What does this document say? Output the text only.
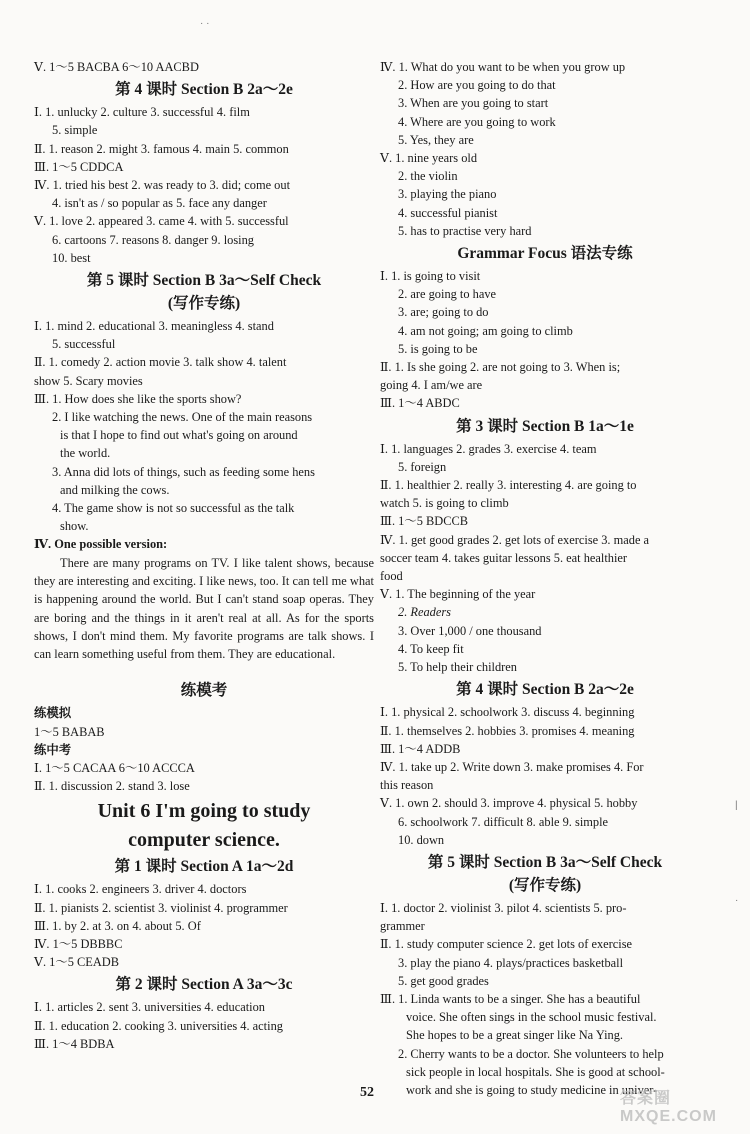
Ⅴ. 1～5 BACBA 6～10 AACBD
第 4 课时 Section B 2a～2e
Ⅰ. 1. unlucky 2. culture 3. successful 4. film
5. simple
Ⅱ. 1. reason 2. might 3. famous 4. main 5. common
Ⅲ. 1～5 CDDCA
Ⅳ. 1. tried his best 2. was ready to 3. did; come out
4. isn't as / so popular as 5. face any danger
Ⅴ. 1. love 2. appeared 3. came 4. with 5. successful
6. cartoons 7. reasons 8. danger 9. losing
10. best
第 5 课时 Section B 3a～Self Check
(写作专练)
Ⅰ. 1. mind 2. educational 3. meaningless 4. stand
5. successful
Ⅱ. 1. comedy 2. action movie 3. talk show 4. talent
show 5. Scary movies
Ⅲ. 1. How does she like the sports show?
2. I like watching the news. One of the main reasons
is that I hope to find out what's going on around
the world.
3. Anna did lots of things, such as feeding some hens
and milking the cows.
4. The game show is not so successful as the talk
show.
Ⅳ. One possible version:
There are many programs on TV. I like talent shows, because they are interesting and exciting. I like news, too. It can tell me what is happening around the world. But I can't stand soap operas. They are boring and the things in it aren't real at all. As for the sports shows, I don't mind them. My favorite programs are talk shows. I can learn something useful from them. They are educational.
练模考
练模拟
1～5 BABAB
练中考
Ⅰ. 1～5 CACAA 6～10 ACCCA
Ⅱ. 1. discussion 2. stand 3. lose
Unit 6 I'm going to study
computer science.
第 1 课时 Section A 1a～2d
Ⅰ. 1. cooks 2. engineers 3. driver 4. doctors
Ⅱ. 1. pianists 2. scientist 3. violinist 4. programmer
Ⅲ. 1. by 2. at 3. on 4. about 5. Of
Ⅳ. 1～5 DBBBC
Ⅴ. 1～5 CEADB
第 2 课时 Section A 3a～3c
Ⅰ. 1. articles 2. sent 3. universities 4. education
Ⅱ. 1. education 2. cooking 3. universities 4. acting
Ⅲ. 1～4 BDBA
Ⅳ. 1. What do you want to be when you grow up
2. How are you going to do that
3. When are you going to start
4. Where are you going to work
5. Yes, they are
Ⅴ. 1. nine years old
2. the violin
3. playing the piano
4. successful pianist
5. has to practise very hard
Grammar Focus 语法专练
Ⅰ. 1. is going to visit
2. are going to have
3. are; going to do
4. am not going; am going to climb
5. is going to be
Ⅱ. 1. Is she going 2. are not going to 3. When is;
going 4. I am/we are
Ⅲ. 1～4 ABDC
第 3 课时 Section B 1a～1e
Ⅰ. 1. languages 2. grades 3. exercise 4. team
5. foreign
Ⅱ. 1. healthier 2. really 3. interesting 4. are going to
watch 5. is going to climb
Ⅲ. 1～5 BDCCB
Ⅳ. 1. get good grades 2. get lots of exercise 3. made a
soccer team 4. takes guitar lessons 5. eat healthier
food
Ⅴ. 1. The beginning of the year
2. Readers
3. Over 1,000 / one thousand
4. To keep fit
5. To help their children
第 4 课时 Section B 2a～2e
Ⅰ. 1. physical 2. schoolwork 3. discuss 4. beginning
Ⅱ. 1. themselves 2. hobbies 3. promises 4. meaning
Ⅲ. 1～4 ADDB
Ⅳ. 1. take up 2. Write down 3. make promises 4. For
this reason
Ⅴ. 1. own 2. should 3. improve 4. physical 5. hobby
6. schoolwork 7. difficult 8. able 9. simple
10. down
第 5 课时 Section B 3a～Self Check
(写作专练)
Ⅰ. 1. doctor 2. violinist 3. pilot 4. scientists 5. pro-
grammer
Ⅱ. 1. study computer science 2. get lots of exercise
3. play the piano 4. plays/practices basketball
5. get good grades
Ⅲ. 1. Linda wants to be a singer. She has a beautiful
voice. She often sings in the school music festival.
She hopes to be a great singer like Na Ying.
2. Cherry wants to be a doctor. She volunteers to help
sick people in local hospitals. She is good at school-
work and she is going to study medicine in univer-
· ·
|
·
52	答案圈
MXQE.COM
